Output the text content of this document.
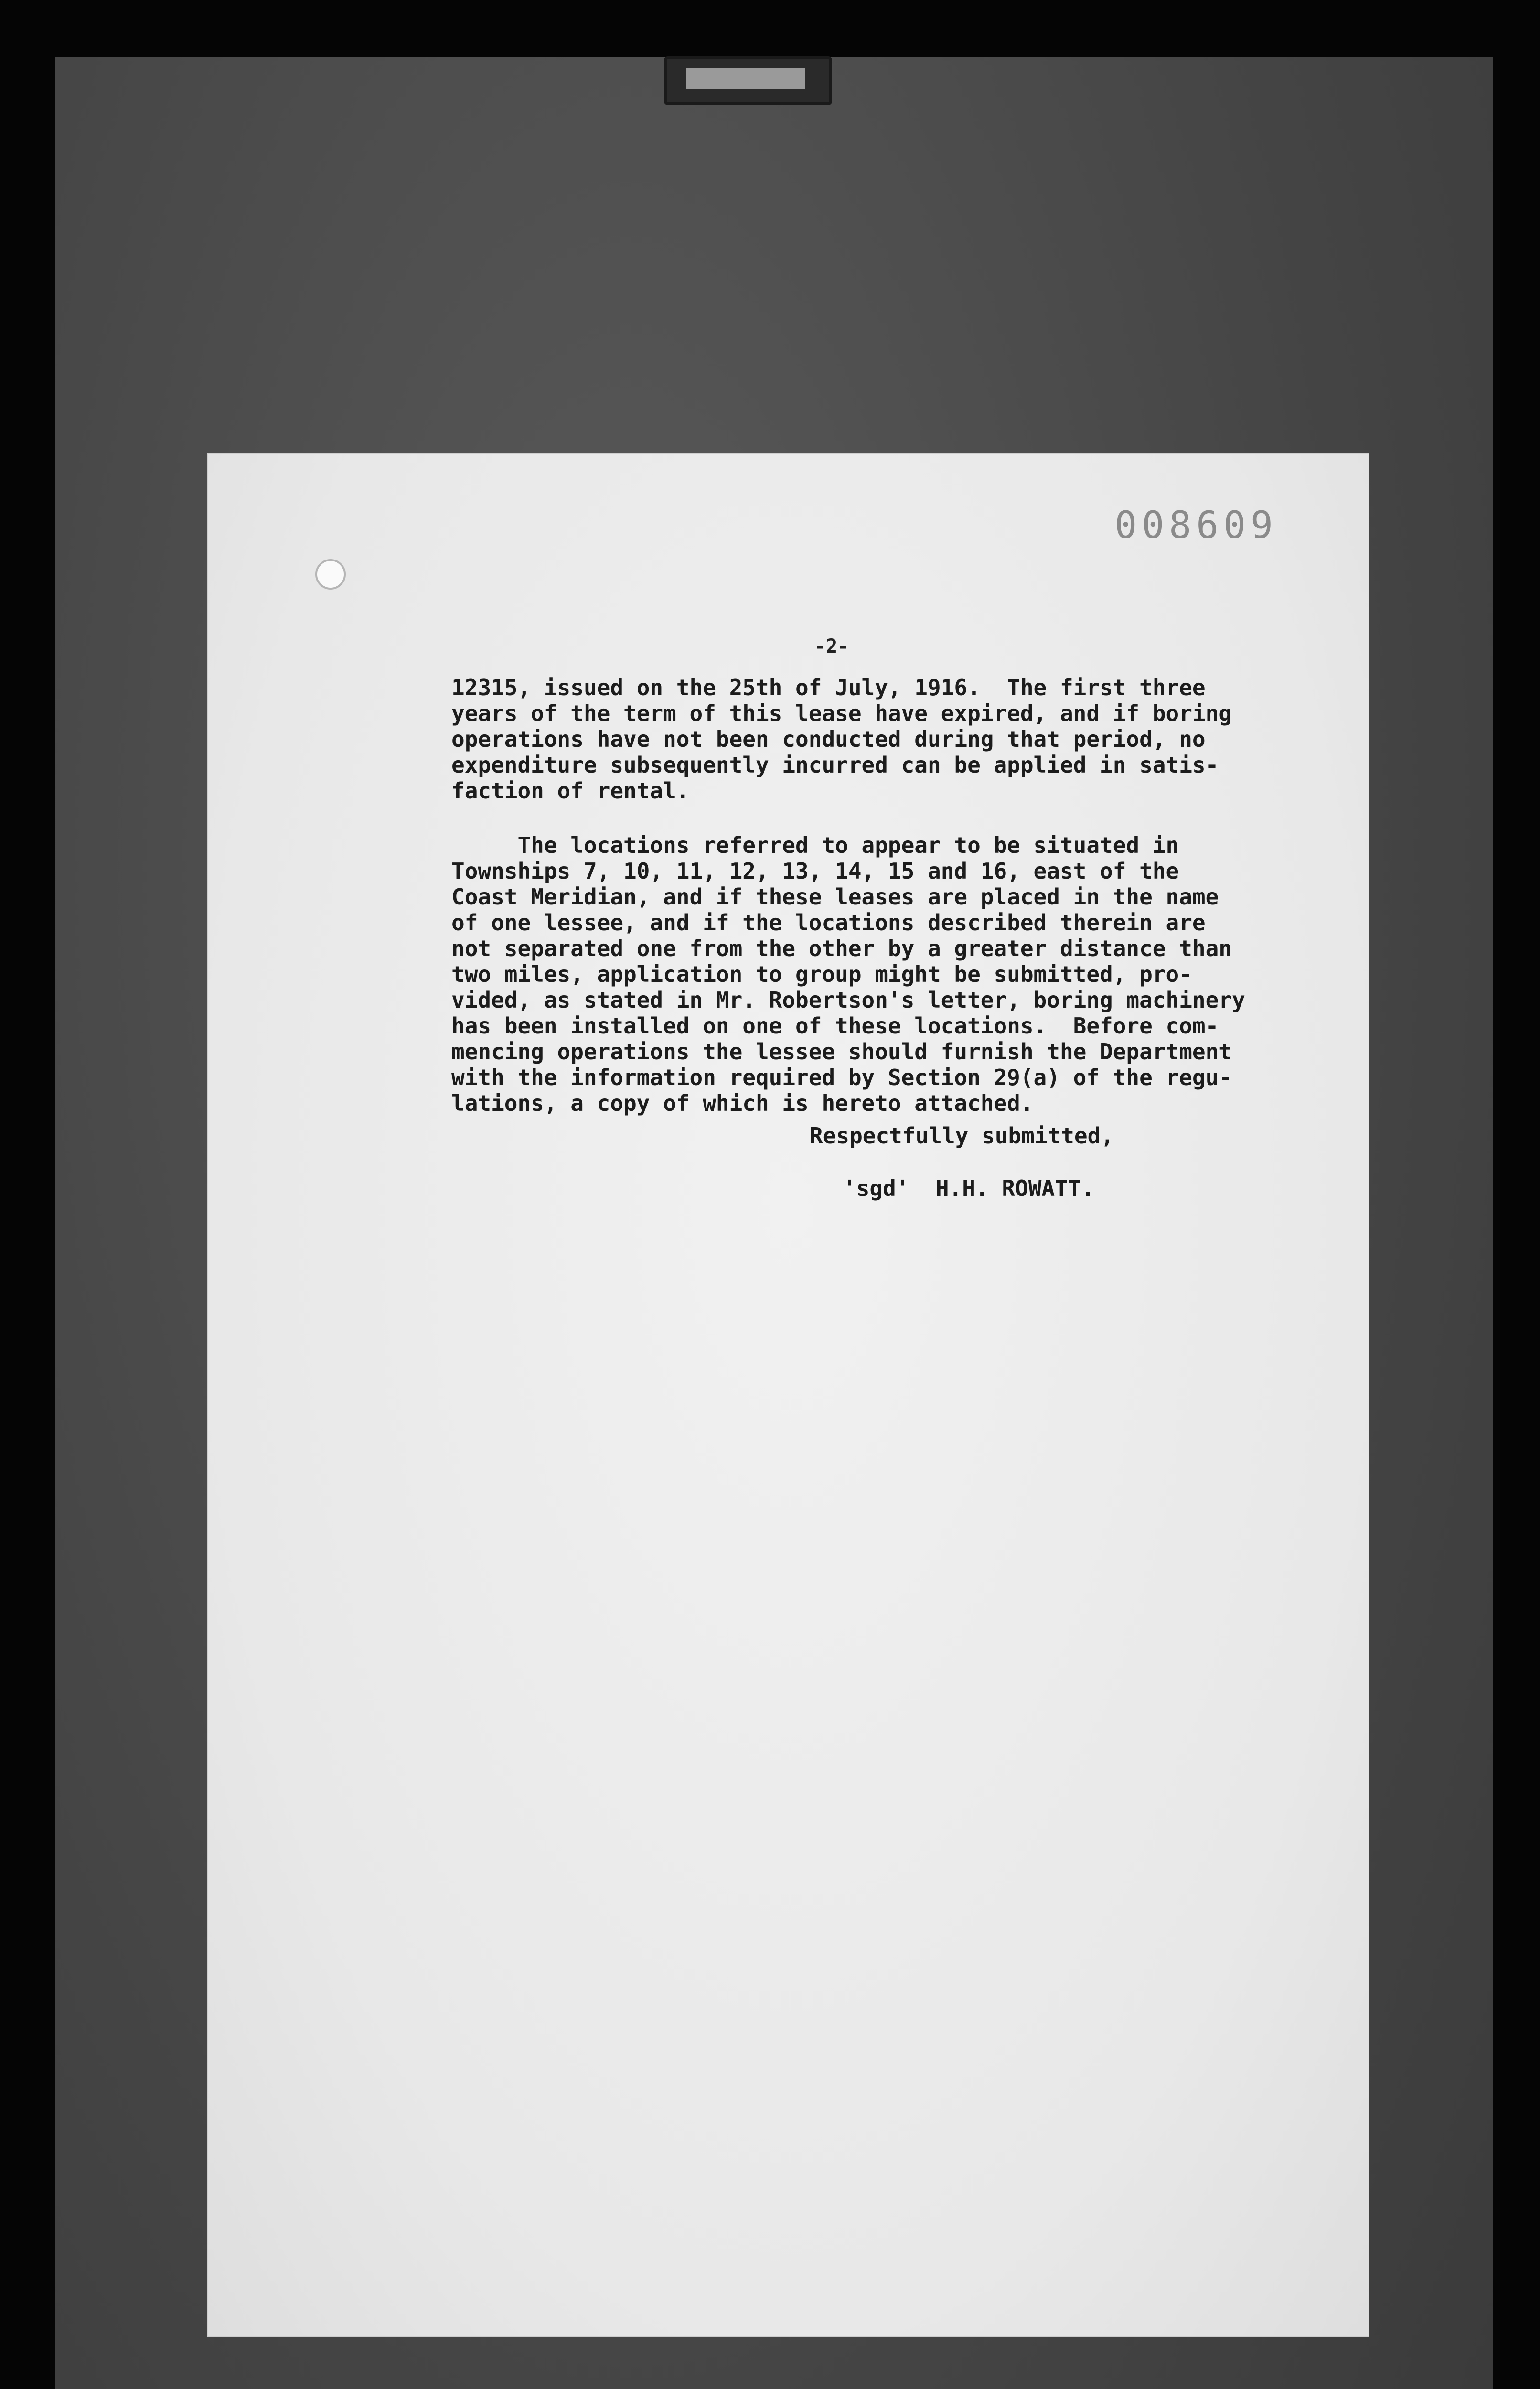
008609
-2-

12315, issued on the 25th of July, 1916.  The first three

years of the term of this lease have expired, and if boring

operations have not been conducted during that period, no

expenditure subsequently incurred can be applied in satis-

faction of rental.

The locations referred to appear to be situated in

Townships 7, 10, 11, 12, 13, 14, 15 and 16, east of the

Coast Meridian, and if these leases are placed in the name

of one lessee, and if the locations described therein are

not separated one from the other by a greater distance than

two miles, application to group might be submitted, pro-

vided, as stated in Mr. Robertson's letter, boring machinery

has been installed on one of these locations.  Before com-

mencing operations the lessee should furnish the Department

with the information required by Section 29(a) of the regu-

lations, a copy of which is hereto attached.

Respectfully submitted,
'sgd'  H.H. ROWATT.
